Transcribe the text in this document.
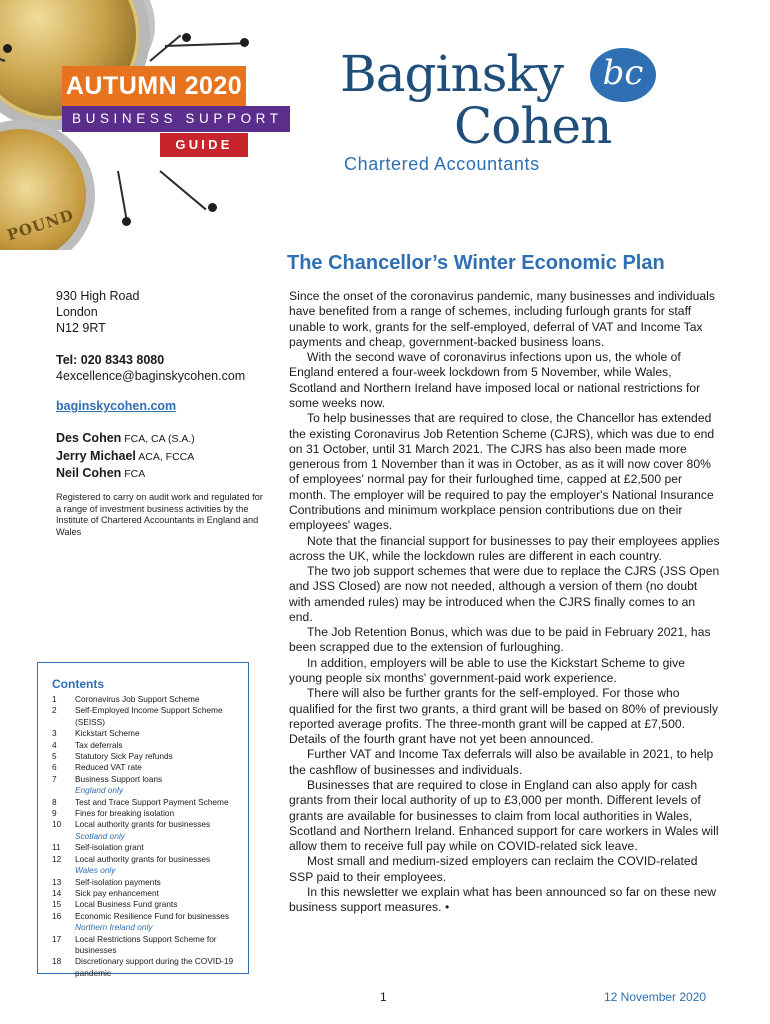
POUND
AUTUMN 2020
BUSINESS SUPPORT
GUIDE
Baginsky
Cohen
bc
Chartered Accountants
930 High Road
London
N12 9RT
Tel: 020 8343 8080
4excellence@baginskycohen.com
baginskycohen.com
Des Cohen FCA, CA (S.A.)
Jerry Michael ACA, FCCA
Neil Cohen FCA
Registered to carry on audit work and regulated for a range of investment business activities by the Institute of Chartered Accountants in England and Wales
Contents
1 Coronavirus Job Support Scheme
2 Self-Employed Income Support Scheme (SEISS)
3 Kickstart Scheme
4 Tax deferrals
5 Statutory Sick Pay refunds
6 Reduced VAT rate
7 Business Support loans
England only
8 Test and Trace Support Payment Scheme
9 Fines for breaking isolation
10 Local authority grants for businesses
Scotland only
11 Self-isolation grant
12 Local authority grants for businesses
Wales only
13 Self-isolation payments
14 Sick pay enhancement
15 Local Business Fund grants
16 Economic Resilience Fund for businesses
Northern Ireland only
17 Local Restrictions Support Scheme for businesses
18 Discretionary support during the COVID-19 pandemic
The Chancellor’s Winter Economic Plan

Since the onset of the coronavirus pandemic, many businesses and individuals have benefited from a range of schemes, including furlough grants for staff unable to work, grants for the self-employed, deferral of VAT and Income Tax payments and cheap, government-backed business loans.

With the second wave of coronavirus infections upon us, the whole of England entered a four-week lockdown from 5 November, while Wales, Scotland and Northern Ireland have imposed local or national restrictions for some weeks now.

To help businesses that are required to close, the Chancellor has extended the existing Coronavirus Job Retention Scheme (CJRS), which was due to end on 31 October, until 31 March 2021. The CJRS has also been made more generous from 1 November than it was in October, as as it will now cover 80% of employees' normal pay for their furloughed time, capped at £2,500 per month. The employer will be required to pay the employer's National Insurance Contributions and minimum workplace pension contributions due on their employees' wages.

Note that the financial support for businesses to pay their employees applies across the UK, while the lockdown rules are different in each country.

The two job support schemes that were due to replace the CJRS (JSS Open and JSS Closed) are now not needed, although a version of them (no doubt with amended rules) may be introduced when the CJRS finally comes to an end.

The Job Retention Bonus, which was due to be paid in February 2021, has been scrapped due to the extension of furloughing.

In addition, employers will be able to use the Kickstart Scheme to give young people six months' government-paid work experience.

There will also be further grants for the self-employed. For those who qualified for the first two grants, a third grant will be based on 80% of previously reported average profits. The three-month grant will be capped at £7,500. Details of the fourth grant have not yet been announced.

Further VAT and Income Tax deferrals will also be available in 2021, to help the cashflow of businesses and individuals.

Businesses that are required to close in England can also apply for cash grants from their local authority of up to £3,000 per month. Different levels of grants are available for businesses to claim from local authorities in Wales, Scotland and Northern Ireland. Enhanced support for care workers in Wales will allow them to receive full pay while on COVID-related sick leave.

Most small and medium-sized employers can reclaim the COVID-related SSP paid to their employees.

In this newsletter we explain what has been announced so far on these new business support measures. •

1	12 November 2020
